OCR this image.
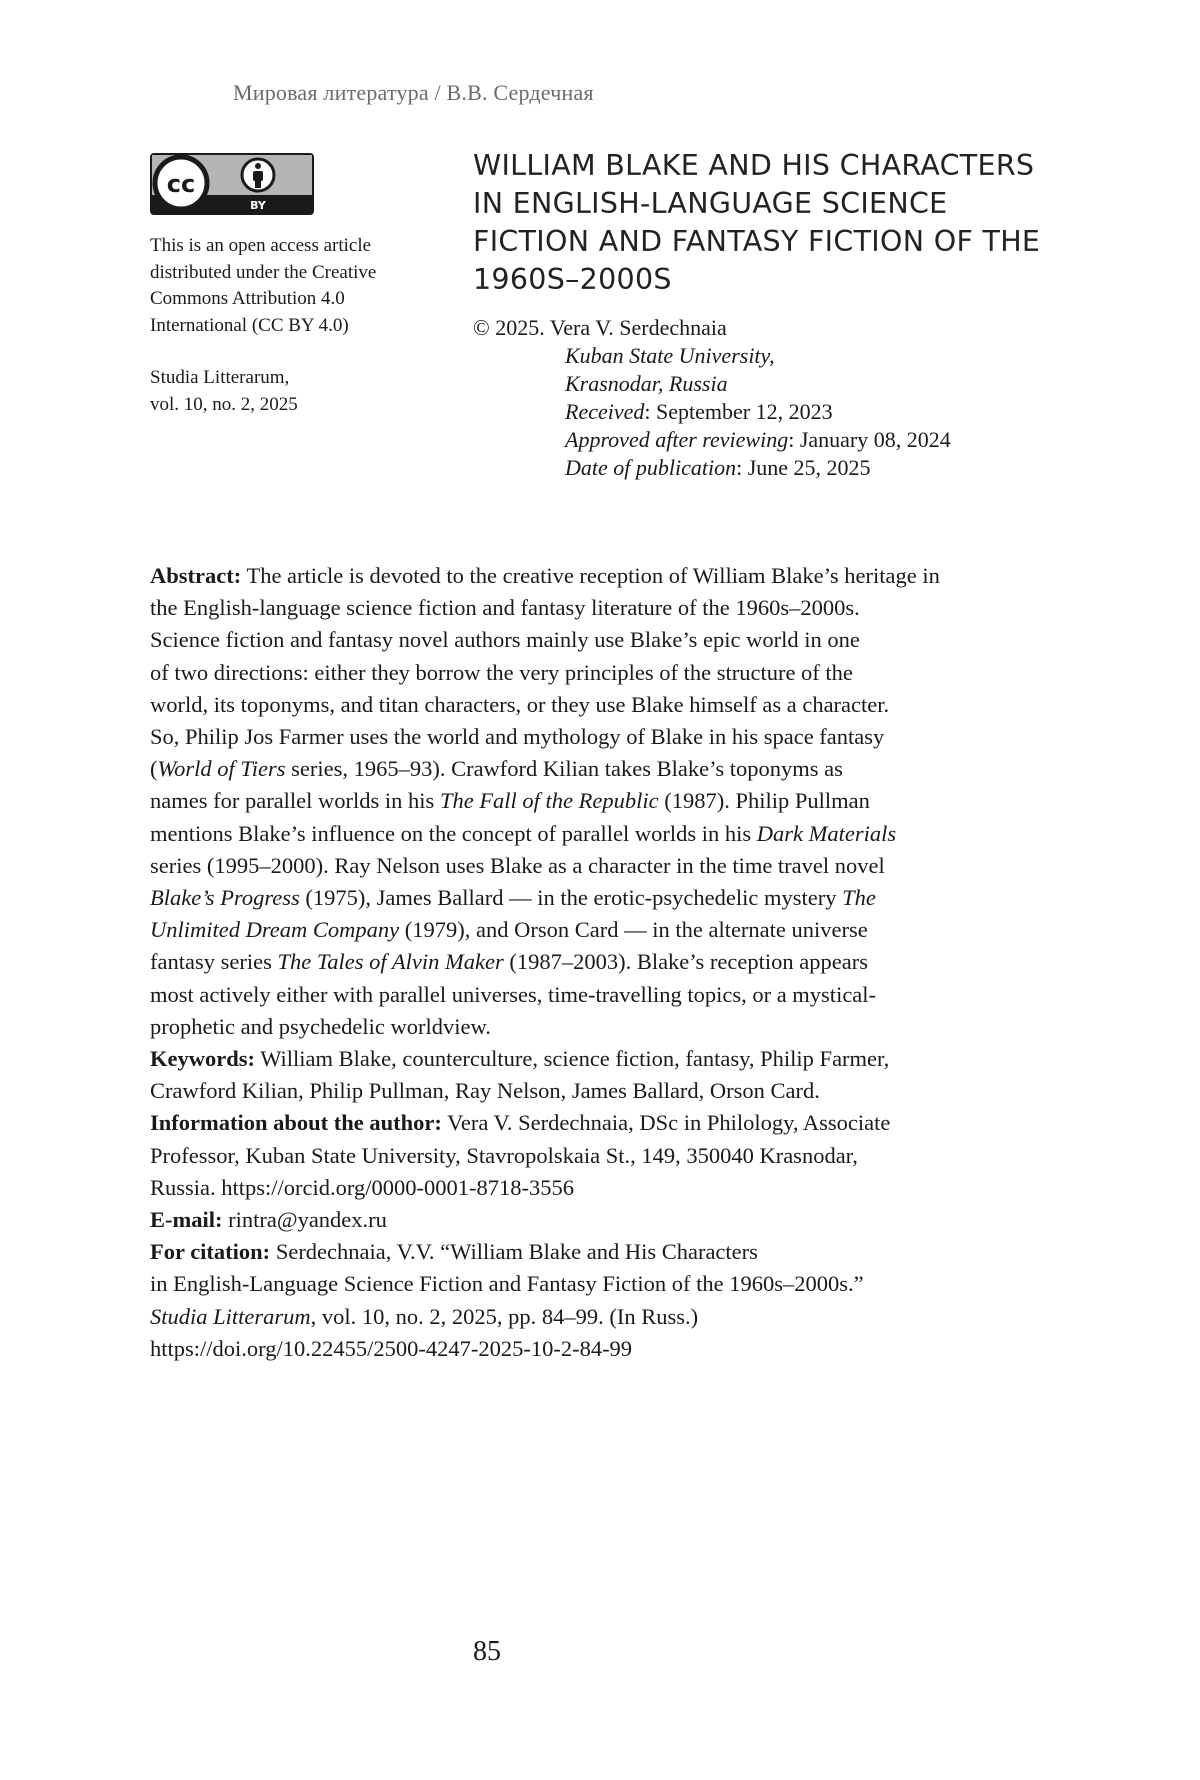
Мировая литература / В.В. Сердечная
cc
BY
This is an open access article
distributed under the Creative
Commons Attribution 4.0
International (CC BY 4.0)
Studia Litterarum,
vol. 10, no. 2, 2025
WILLIAM BLAKE AND HIS CHARACTERS
IN ENGLISH-LANGUAGE SCIENCE
FICTION AND FANTASY FICTION OF THE
1960S–2000S
© 2025. Vera V. Serdechnaia
Kuban State University,
Krasnodar, Russia
Received: September 12, 2023
Approved after reviewing: January 08, 2024
Date of publication: June 25, 2025

Abstract: The article is devoted to the creative reception of William Blake’s heritage in
the English-language science fiction and fantasy literature of the 1960s–2000s.
Science fiction and fantasy novel authors mainly use Blake’s epic world in one
of two directions: either they borrow the very principles of the structure of the
world, its toponyms, and titan characters, or they use Blake himself as a character.
So, Philip Jos Farmer uses the world and mythology of Blake in his space fantasy
(World of Tiers series, 1965–93). Crawford Kilian takes Blake’s toponyms as
names for parallel worlds in his The Fall of the Republic (1987). Philip Pullman
mentions Blake’s influence on the concept of parallel worlds in his Dark Materials
series (1995–2000). Ray Nelson uses Blake as a character in the time travel novel
Blake’s Progress (1975), James Ballard — in the erotic-psychedelic mystery The
Unlimited Dream Company (1979), and Orson Card — in the alternate universe
fantasy series The Tales of Alvin Maker (1987–2003). Blake’s reception appears
most actively either with parallel universes, time-travelling topics, or a mystical-
prophetic and psychedelic worldview.

Keywords: William Blake, counterculture, science fiction, fantasy, Philip Farmer,
Crawford Kilian, Philip Pullman, Ray Nelson, James Ballard, Orson Card.

Information about the author: Vera V. Serdechnaia, DSc in Philology, Associate
Professor, Kuban State University, Stavropolskaia St., 149, 350040 Krasnodar,
Russia. https://orcid.org/0000-0001-8718-3556

E-mail: rintra@yandex.ru

For citation: Serdechnaia, V.V. “William Blake and His Characters
in English-Language Science Fiction and Fantasy Fiction of the 1960s–2000s.”
Studia Litterarum, vol. 10, no. 2, 2025, pp. 84–99. (In Russ.)
https://doi.org/10.22455/2500-4247-2025-10-2-84-99

85
